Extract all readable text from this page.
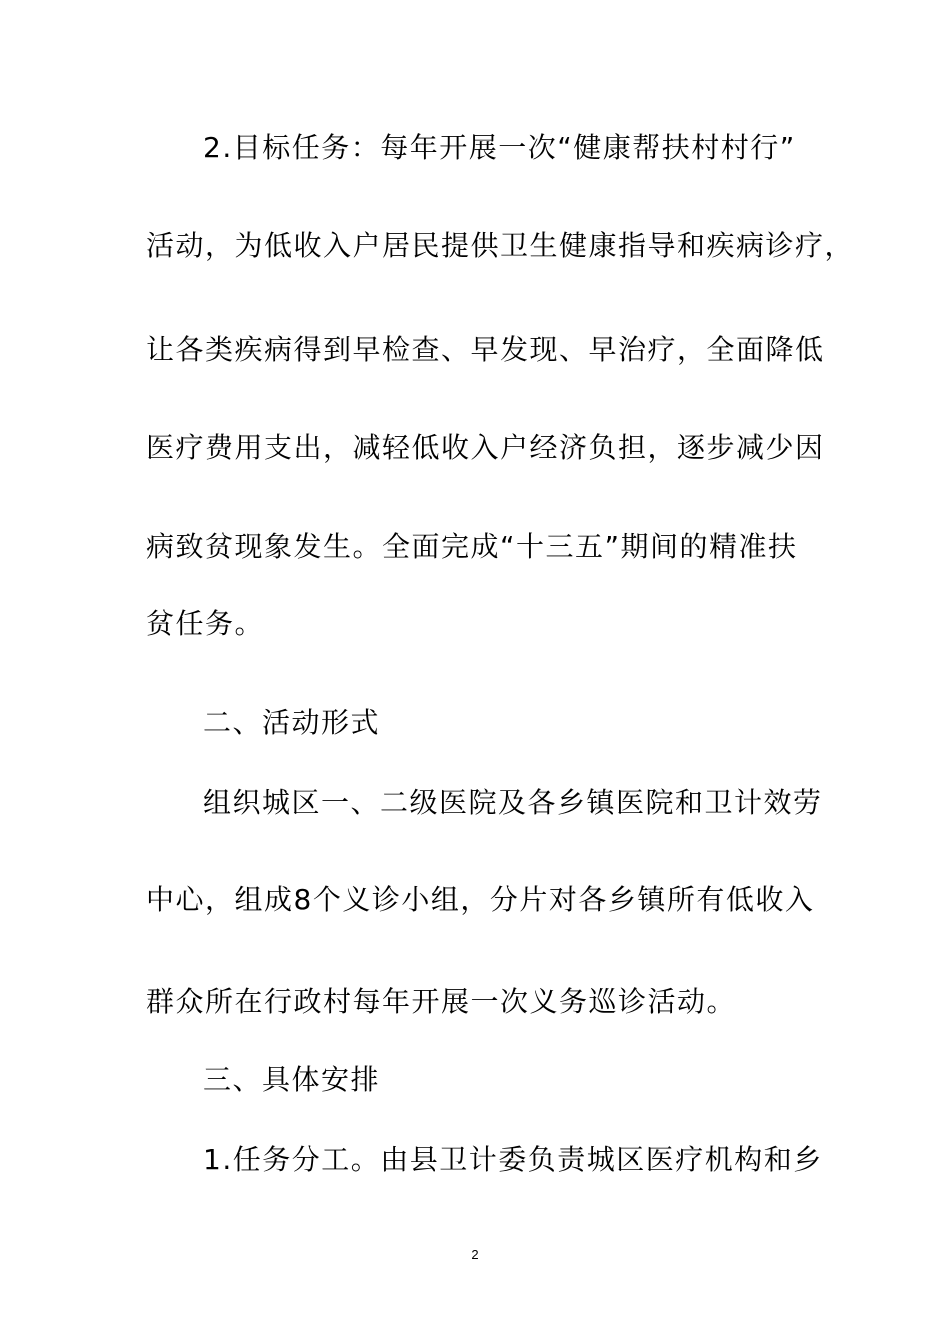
2.目标任务：每年开展一次“健康帮扶村村行”
活动，为低收入户居民提供卫生健康指导和疾病诊疗，
让各类疾病得到早检查、早发现、早治疗，全面降低
医疗费用支出，减轻低收入户经济负担，逐步减少因
病致贫现象发生。全面完成“十三五”期间的精准扶
贫任务。
二、活动形式
组织城区一、二级医院及各乡镇医院和卫计效劳
中心，组成8个义诊小组，分片对各乡镇所有低收入
群众所在行政村每年开展一次义务巡诊活动。
三、具体安排
1.任务分工。由县卫计委负责城区医疗机构和乡
2
